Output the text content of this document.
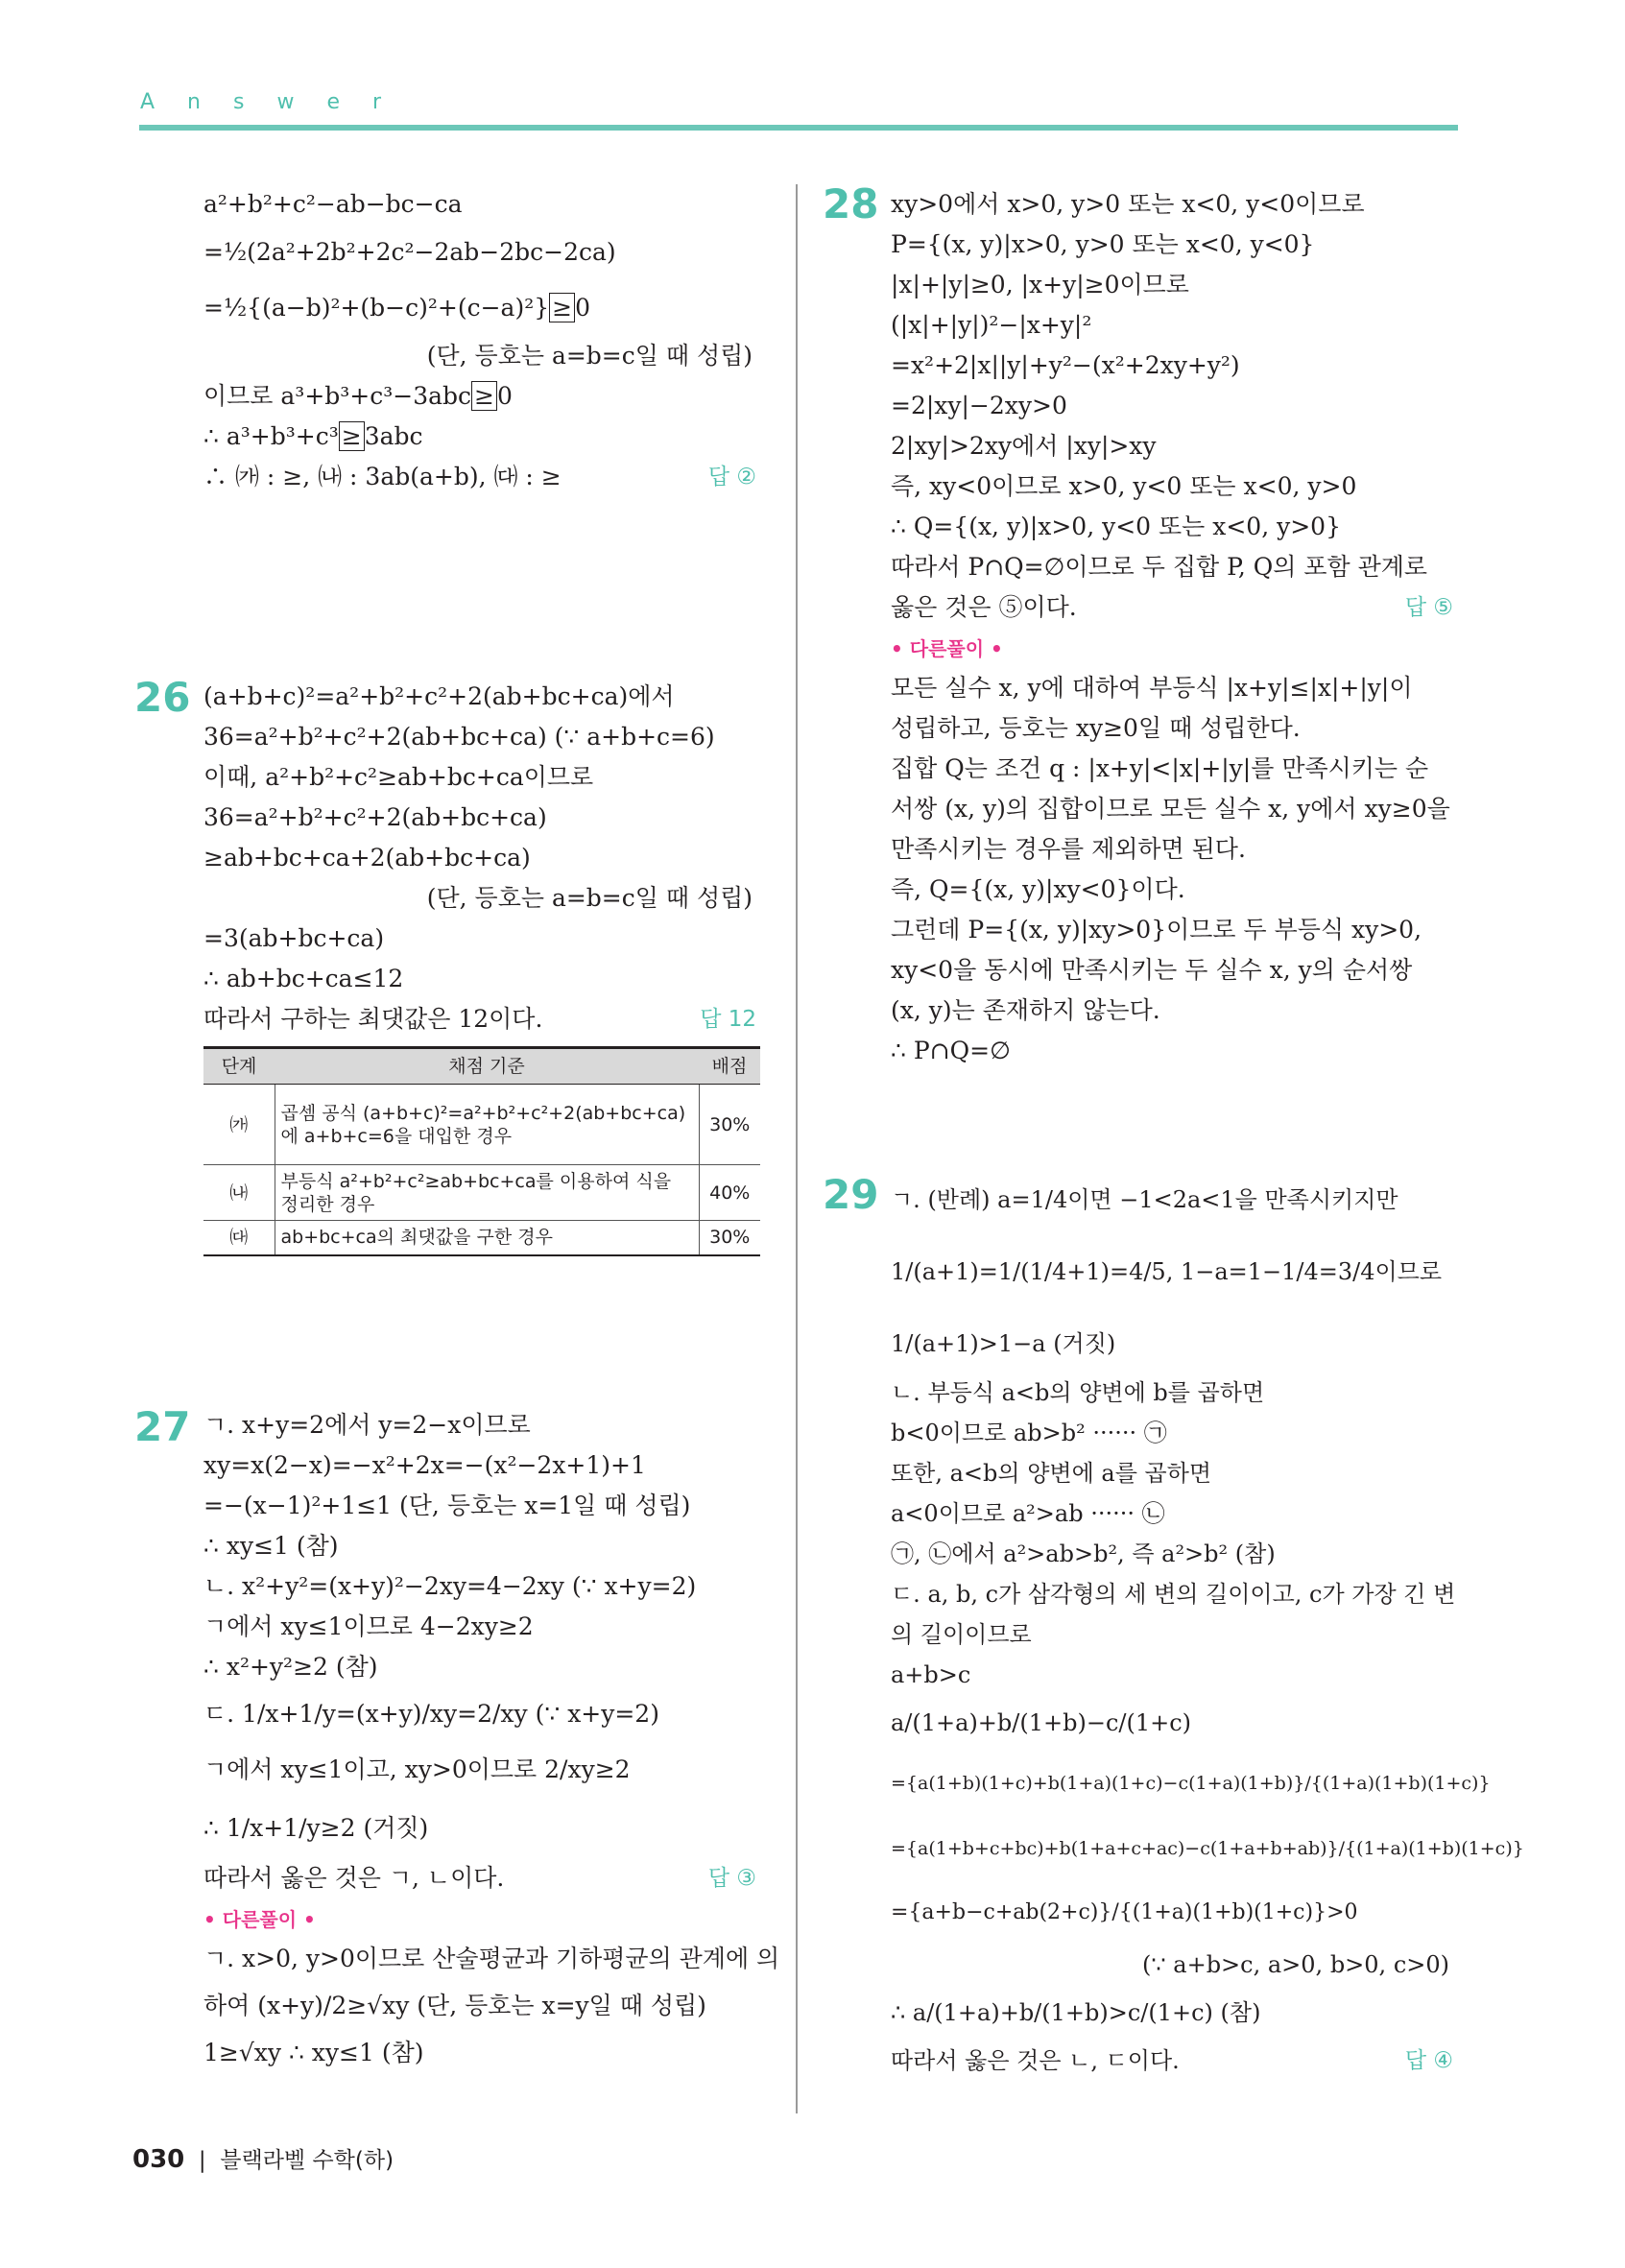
Answer
a²+b²+c²−ab−bc−ca
=½(2a²+2b²+2c²−2ab−2bc−2ca)
=½{(a−b)²+(b−c)²+(c−a)²} ≥ 0
(단, 등호는 a=b=c일 때 성립)
이므로 a³+b³+c³−3abc ≥ 0
∴ a³+b³+c³ ≥ 3abc
∴ ㈎ : ≥, ㈏ : 3ab(a+b), ㈐ : ≥	답 ②
26 (a+b+c)²=a²+b²+c²+2(ab+bc+ca)에서
36=a²+b²+c²+2(ab+bc+ca) (∵ a+b+c=6)
이때, a²+b²+c²≥ab+bc+ca이므로
36=a²+b²+c²+2(ab+bc+ca)
≥ab+bc+ca+2(ab+bc+ca)
(단, 등호는 a=b=c일 때 성립)
=3(ab+bc+ca)
∴ ab+bc+ca≤12
따라서 구하는 최댓값은 12이다.	답 12
단계	채점 기준	배점
㈎	곱셈 공식 (a+b+c)²=a²+b²+c²+2(ab+bc+ca)에 a+b+c=6을 대입한 경우	30%
㈏	부등식 a²+b²+c²≥ab+bc+ca를 이용하여 식을 정리한 경우	40%
㈐	ab+bc+ca의 최댓값을 구한 경우	30%
27 ㄱ. x+y=2에서 y=2−x이므로
xy=x(2−x)=−x²+2x=−(x²−2x+1)+1
=−(x−1)²+1≤1 (단, 등호는 x=1일 때 성립)
∴ xy≤1 (참)
ㄴ. x²+y²=(x+y)²−2xy=4−2xy (∵ x+y=2)
ㄱ에서 xy≤1이므로 4−2xy≥2
∴ x²+y²≥2 (참)
ㄷ. 1/x+1/y=(x+y)/xy=2/xy (∵ x+y=2)
ㄱ에서 xy≤1이고, xy>0이므로 2/xy≥2
∴ 1/x+1/y≥2 (거짓)
따라서 옳은 것은 ㄱ, ㄴ이다.	답 ③
• 다른풀이 •
ㄱ. x>0, y>0이므로 산술평균과 기하평균의 관계에 의
하여 (x+y)/2≥√xy (단, 등호는 x=y일 때 성립)
1≥√xy ∴ xy≤1 (참)
28 xy>0에서 x>0, y>0 또는 x<0, y<0이므로
P={(x, y)|x>0, y>0 또는 x<0, y<0}
|x|+|y|≥0, |x+y|≥0이므로
(|x|+|y|)²−|x+y|²
=x²+2|x||y|+y²−(x²+2xy+y²)
=2|xy|−2xy>0
2|xy|>2xy에서 |xy|>xy
즉, xy<0이므로 x>0, y<0 또는 x<0, y>0
∴ Q={(x, y)|x>0, y<0 또는 x<0, y>0}
따라서 P∩Q=∅이므로 두 집합 P, Q의 포함 관계로
옳은 것은 ⑤이다.	답 ⑤
• 다른풀이 •
모든 실수 x, y에 대하여 부등식 |x+y|≤|x|+|y|이
성립하고, 등호는 xy≥0일 때 성립한다.
집합 Q는 조건 q : |x+y|<|x|+|y|를 만족시키는 순
서쌍 (x, y)의 집합이므로 모든 실수 x, y에서 xy≥0을
만족시키는 경우를 제외하면 된다.
즉, Q={(x, y)|xy<0}이다.
그런데 P={(x, y)|xy>0}이므로 두 부등식 xy>0,
xy<0을 동시에 만족시키는 두 실수 x, y의 순서쌍
(x, y)는 존재하지 않는다.
∴ P∩Q=∅
29 ㄱ. (반례) a=1/4이면 −1<2a<1을 만족시키지만
1/(a+1)=1/(1/4+1)=4/5, 1−a=1−1/4=3/4이므로
1/(a+1)>1−a (거짓)
ㄴ. 부등식 a<b의 양변에 b를 곱하면
b<0이므로 ab>b² ······ ㉠
또한, a<b의 양변에 a를 곱하면
a<0이므로 a²>ab ······ ㉡
㉠, ㉡에서 a²>ab>b², 즉 a²>b² (참)
ㄷ. a, b, c가 삼각형의 세 변의 길이이고, c가 가장 긴 변
의 길이이므로
a+b>c
a/(1+a)+b/(1+b)−c/(1+c)
={a(1+b)(1+c)+b(1+a)(1+c)−c(1+a)(1+b)}/{(1+a)(1+b)(1+c)}
={a(1+b+c+bc)+b(1+a+c+ac)−c(1+a+b+ab)}/{(1+a)(1+b)(1+c)}
={a+b−c+ab(2+c)}/{(1+a)(1+b)(1+c)}>0
(∵ a+b>c, a>0, b>0, c>0)
∴ a/(1+a)+b/(1+b)>c/(1+c) (참)
따라서 옳은 것은 ㄴ, ㄷ이다.	답 ④
030  |  블랙라벨 수학(하)
